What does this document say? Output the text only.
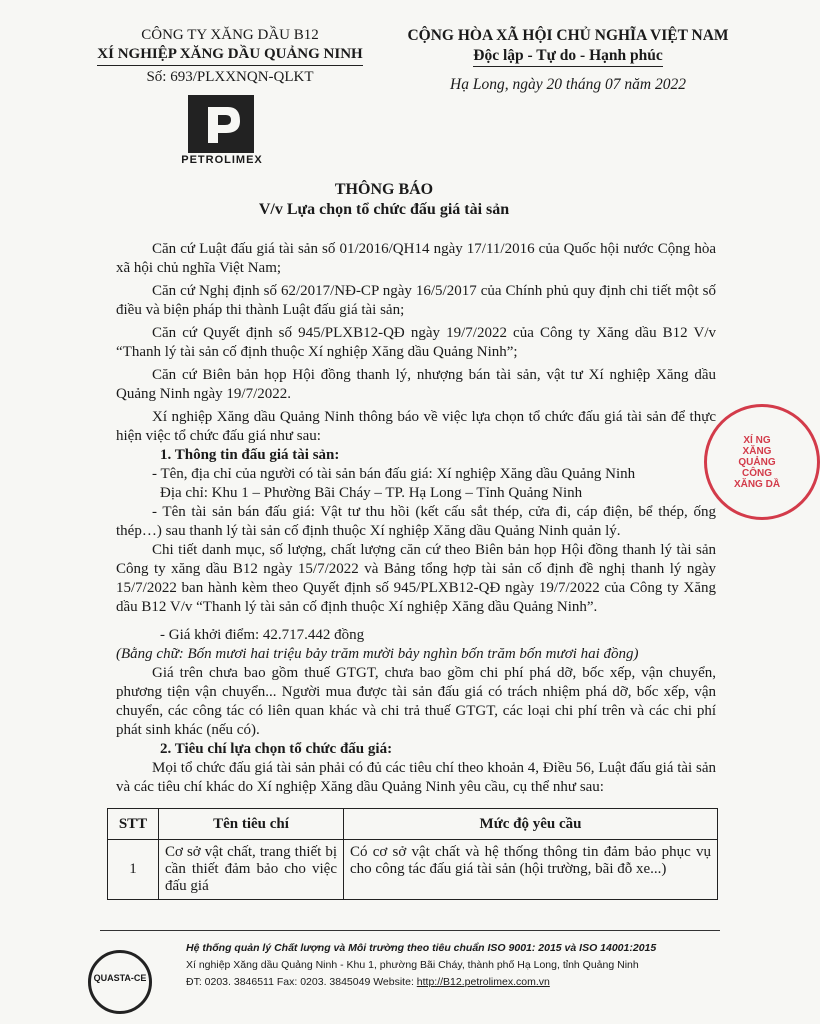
CÔNG TY XĂNG DẦU B12
XÍ NGHIỆP XĂNG DẦU QUẢNG NINH
Số: 693/PLXXNQN-QLKT
CỘNG HÒA XÃ HỘI CHỦ NGHĨA VIỆT NAM
Độc lập - Tự do - Hạnh phúc
Hạ Long, ngày 20 tháng 07 năm 2022
PETROLIMEX
THÔNG BÁO
V/v Lựa chọn tổ chức đấu giá tài sản
Căn cứ Luật đấu giá tài sản số 01/2016/QH14 ngày 17/11/2016 của Quốc hội nước Cộng hòa xã hội chủ nghĩa Việt Nam;
Căn cứ Nghị định số 62/2017/NĐ-CP ngày 16/5/2017 của Chính phủ quy định chi tiết một số điều và biện pháp thi thành Luật đấu giá tài sản;
Căn cứ Quyết định số 945/PLXB12-QĐ ngày 19/7/2022 của Công ty Xăng dầu B12 V/v “Thanh lý tài sản cố định thuộc Xí nghiệp Xăng dầu Quảng Ninh”;
Căn cứ Biên bản họp Hội đồng thanh lý, nhượng bán tài sản, vật tư Xí nghiệp Xăng dầu Quảng Ninh ngày 19/7/2022.
Xí nghiệp Xăng dầu Quảng Ninh thông báo về việc lựa chọn tổ chức đấu giá tài sản để thực hiện việc tổ chức đấu giá như sau:
1. Thông tin đấu giá tài sản:
- Tên, địa chỉ của người có tài sản bán đấu giá: Xí nghiệp Xăng dầu Quảng Ninh
Địa chỉ: Khu 1 – Phường Bãi Cháy – TP. Hạ Long – Tỉnh Quảng Ninh
- Tên tài sản bán đấu giá: Vật tư thu hồi (kết cấu sắt thép, cửa đi, cáp điện, bể thép, ống thép…) sau thanh lý tài sản cố định thuộc Xí nghiệp Xăng dầu Quảng Ninh quản lý.
Chi tiết danh mục, số lượng, chất lượng căn cứ theo Biên bản họp Hội đồng thanh lý tài sản Công ty xăng dầu B12 ngày 15/7/2022 và Bảng tổng hợp tài sản cố định đề nghị thanh lý ngày 15/7/2022 ban hành kèm theo Quyết định số 945/PLXB12-QĐ ngày 19/7/2022 của Công ty Xăng dầu B12 V/v “Thanh lý tài sản cố định thuộc Xí nghiệp Xăng dầu Quảng Ninh”.
- Giá khởi điểm: 42.717.442 đồng
(Bằng chữ: Bốn mươi hai triệu bảy trăm mười bảy nghìn bốn trăm bốn mươi hai đồng)
Giá trên chưa bao gồm thuế GTGT, chưa bao gồm chi phí phá dỡ, bốc xếp, vận chuyển, phương tiện vận chuyển... Người mua được tài sản đấu giá có trách nhiệm phá dỡ, bốc xếp, vận chuyển, các công tác có liên quan khác và chi trả thuế GTGT, các loại chi phí trên và các chi phí phát sinh khác (nếu có).
2. Tiêu chí lựa chọn tổ chức đấu giá:
Mọi tổ chức đấu giá tài sản phải có đủ các tiêu chí theo khoản 4, Điều 56, Luật đấu giá tài sản và các tiêu chí khác do Xí nghiệp Xăng dầu Quảng Ninh yêu cầu, cụ thể như sau:
STT	Tên tiêu chí	Mức độ yêu cầu
1	Cơ sở vật chất, trang thiết bị cần thiết đảm bảo cho việc đấu giá	Có cơ sở vật chất và hệ thống thông tin đảm bảo phục vụ cho công tác đấu giá tài sản (hội trường, bãi đỗ xe...)
XÍ NG
XĂNG
QUẢNG
CÔNG
XĂNG DẦ
QUASTA-CE
Hệ thống quản lý Chất lượng và Môi trường theo tiêu chuẩn ISO 9001: 2015 và ISO 14001:2015
Xí nghiệp Xăng dầu Quảng Ninh - Khu 1, phường Bãi Cháy, thành phố Hạ Long, tỉnh Quảng Ninh
ĐT: 0203. 3846511 Fax: 0203. 3845049 Website: http://B12.petrolimex.com.vn
